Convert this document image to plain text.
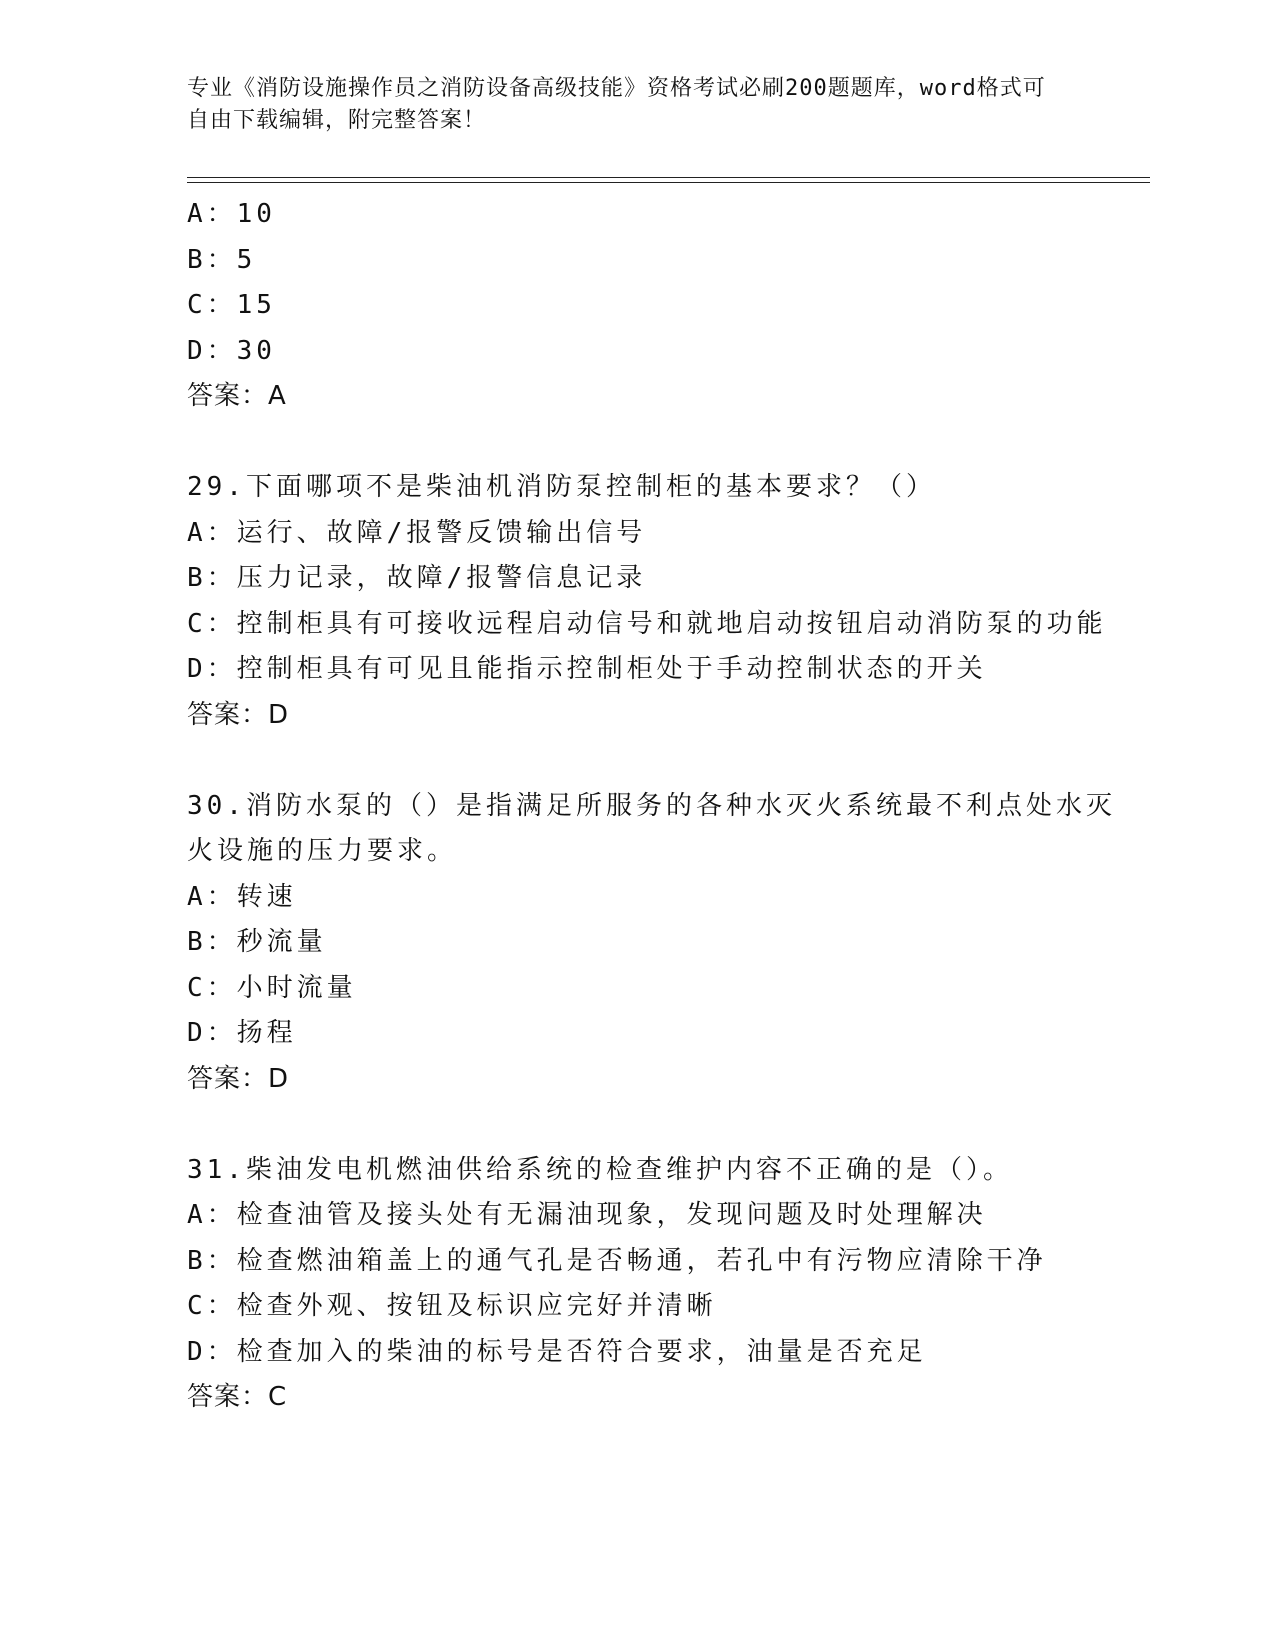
专业《消防设施操作员之消防设备高级技能》资格考试必刷200题题库，word格式可自由下载编辑，附完整答案！
A：10
B：5
C：15
D：30
答案：A
29.下面哪项不是柴油机消防泵控制柜的基本要求？（）
A：运行、故障/报警反馈输出信号
B：压力记录，故障/报警信息记录
C：控制柜具有可接收远程启动信号和就地启动按钮启动消防泵的功能
D：控制柜具有可见且能指示控制柜处于手动控制状态的开关
答案：D
30.消防水泵的（）是指满足所服务的各种水灭火系统最不利点处水灭
火设施的压力要求。
A：转速
B：秒流量
C：小时流量
D：扬程
答案：D
31.柴油发电机燃油供给系统的检查维护内容不正确的是（）。
A：检查油管及接头处有无漏油现象，发现问题及时处理解决
B：检查燃油箱盖上的通气孔是否畅通，若孔中有污物应清除干净
C：检查外观、按钮及标识应完好并清晰
D：检查加入的柴油的标号是否符合要求，油量是否充足
答案：C
